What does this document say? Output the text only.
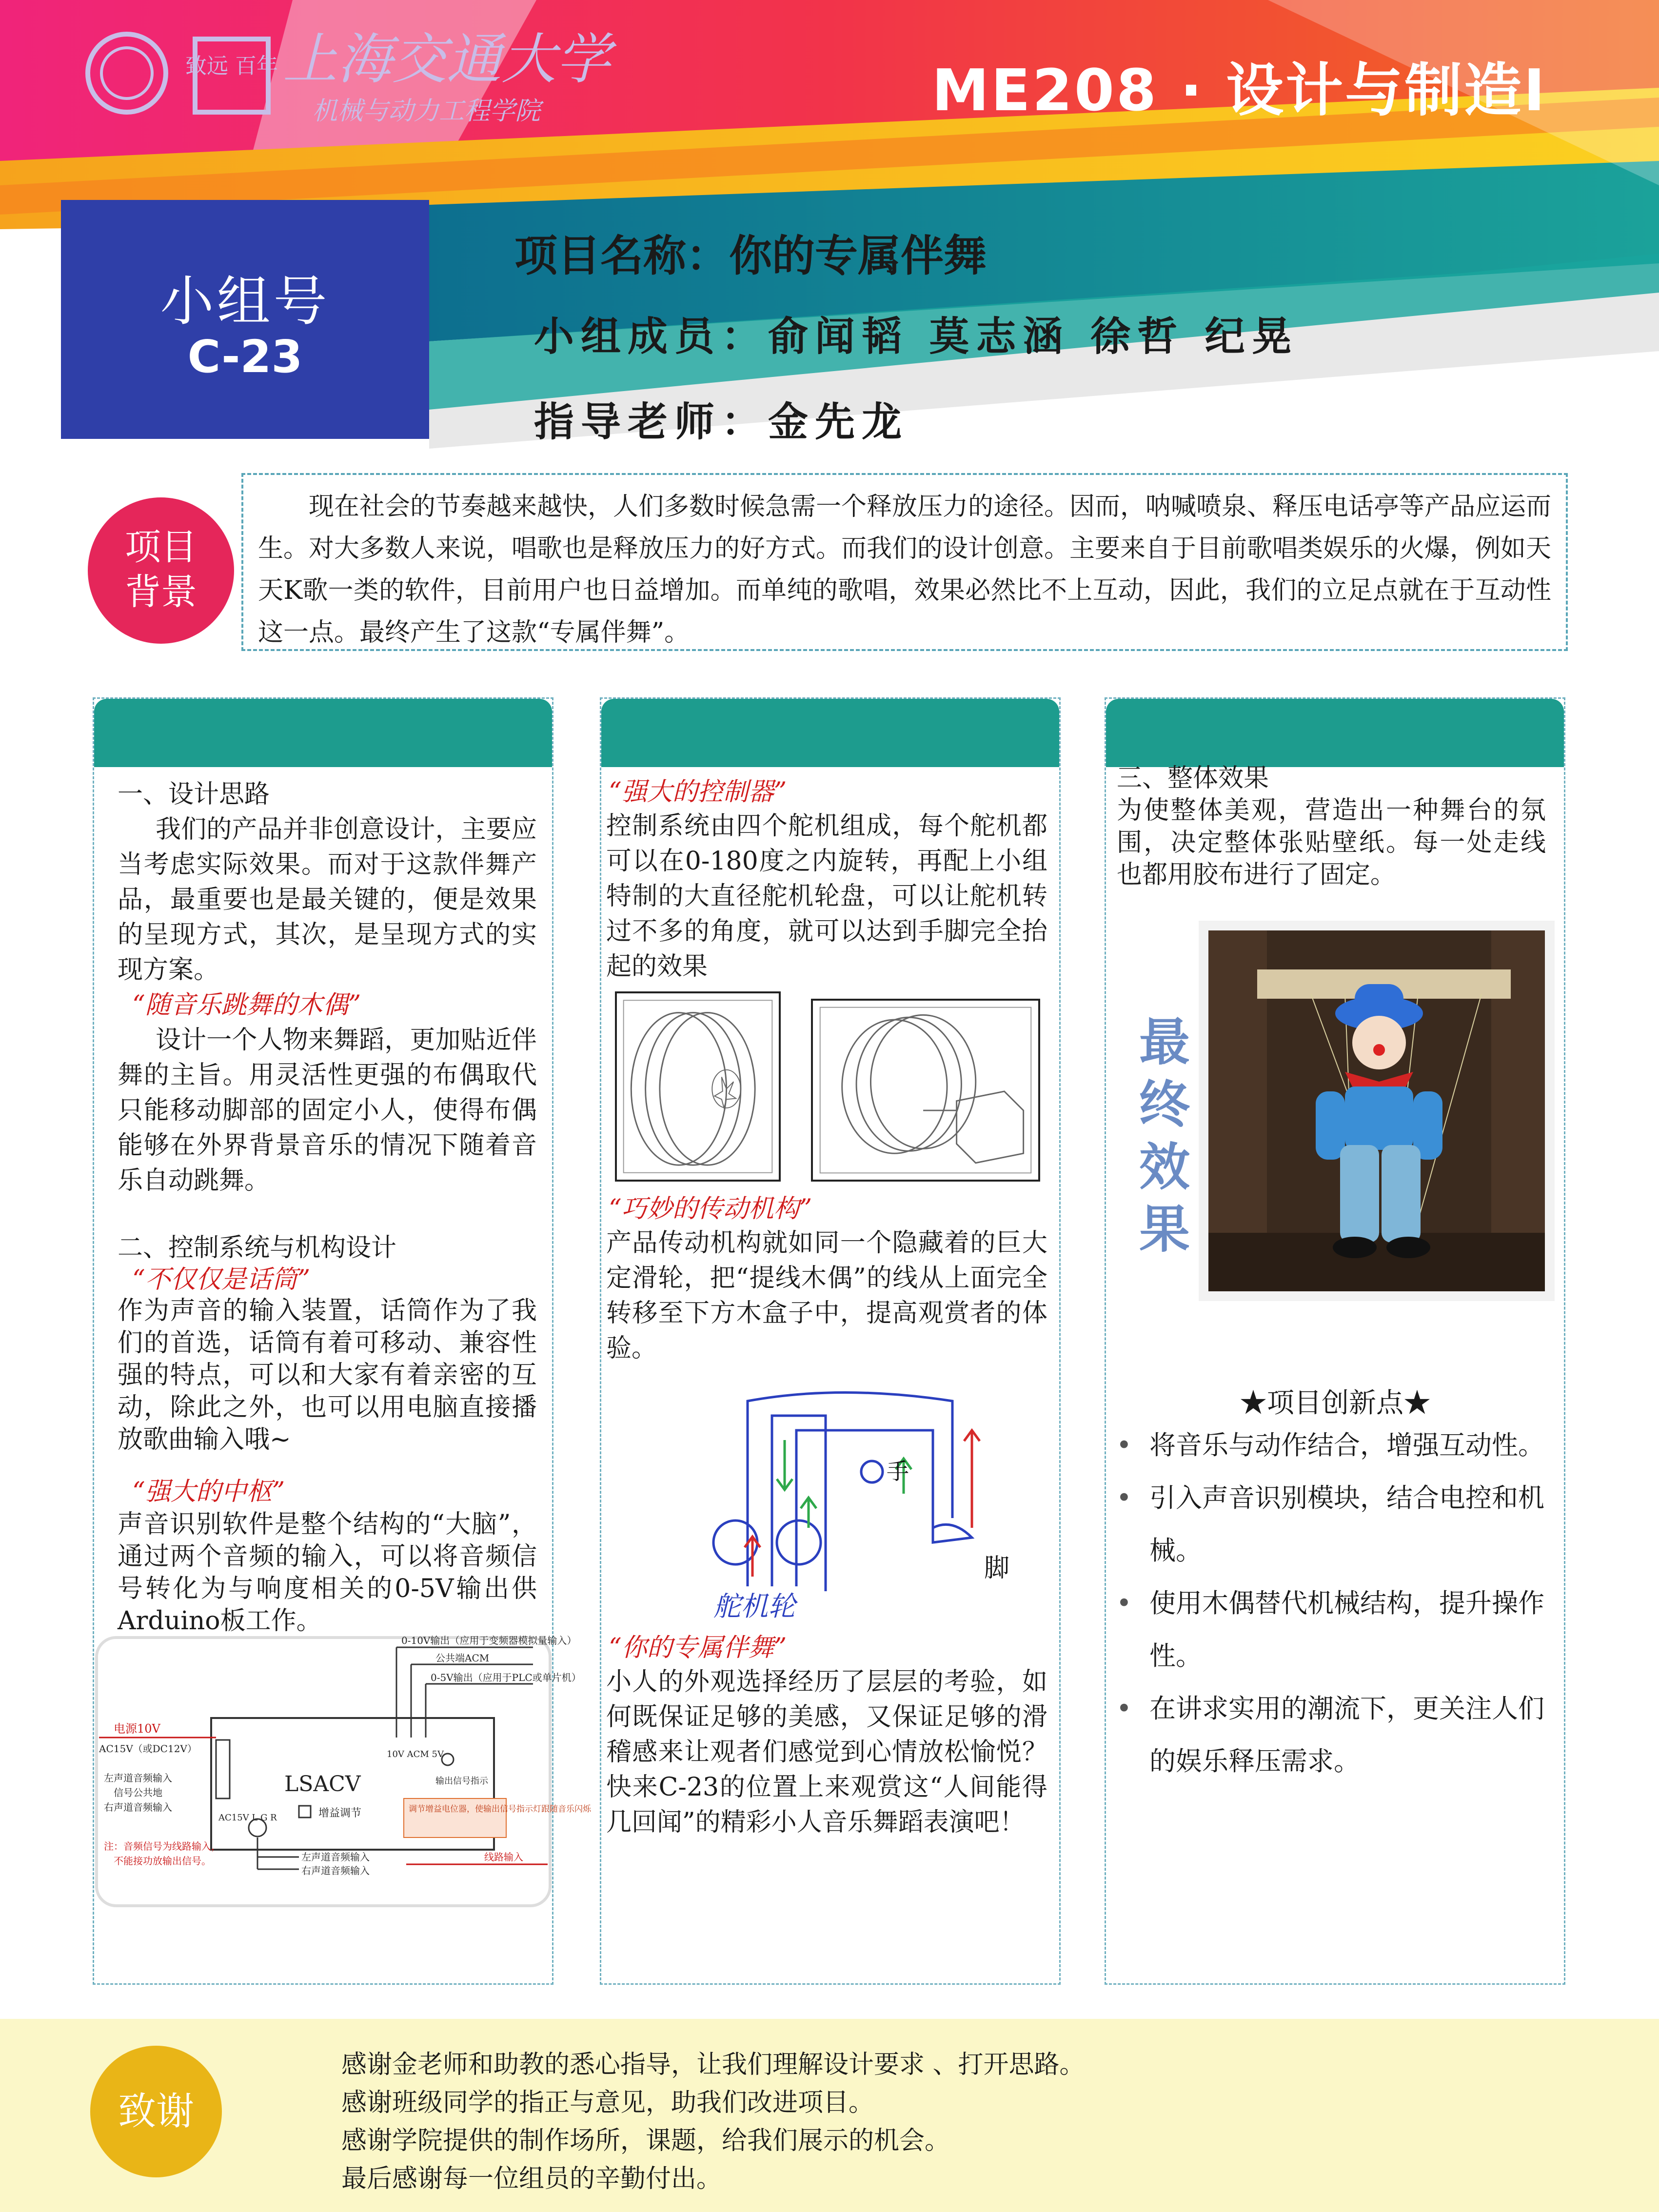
致远 百年 上海交通大学
机械与动力工程学院	ME208 · 设计与制造Ⅰ
小组号
C-23
项目名称：你的专属伴舞
小组成员：俞闻韬 莫志涵 徐哲 纪晃
指导老师：金先龙
项目
背景
现在社会的节奏越来越快，人们多数时候急需一个释放压力的途径。因而，呐喊喷泉、释压电话亭等产品应运而生。对大多数人来说，唱歌也是释放压力的好方式。而我们的设计创意。主要来自于目前歌唱类娱乐的火爆，例如天天K歌一类的软件，目前用户也日益增加。而单纯的歌唱，效果必然比不上互动，因此，我们的立足点就在于互动性这一点。最终产生了这款“专属伴舞”。
一、设计思路
我们的产品并非创意设计，主要应当考虑实际效果。而对于这款伴舞产品，最重要也是最关键的，便是效果的呈现方式，其次，是呈现方式的实现方案。
“随音乐跳舞的木偶”
设计一个人物来舞蹈，更加贴近伴舞的主旨。用灵活性更强的布偶取代只能移动脚部的固定小人，使得布偶能够在外界背景音乐的情况下随着音乐自动跳舞。
二、控制系统与机构设计
“不仅仅是话筒”
作为声音的输入装置，话筒作为了我们的首选，话筒有着可移动、兼容性强的特点，可以和大家有着亲密的互动，除此之外，也可以用电脑直接播放歌曲输入哦~
“强大的中枢”
声音识别软件是整个结构的“大脑”，通过两个音频的输入，可以将音频信号转化为与响度相关的0-5V输出供Arduino板工作。
0-10V输出（应用于变频器模拟量输入）
公共端ACM
0-5V输出（应用于PLC或单片机）
LSACV
10V ACM 5V
输出信号指示
AC15V L G R	增益调节	调节增益电位器，使输出信号指示灯跟随音乐闪烁
电源10V
AC15V（或DC12V）
左声道音频输入
信号公共地
右声道音频输入
注：音频信号为线路输入，
不能接功放输出信号。	左声道音频输入
右声道音频输入
线路输入
“强大的控制器”
控制系统由四个舵机组成，每个舵机都可以在0-180度之内旋转，再配上小组特制的大直径舵机轮盘，可以让舵机转过不多的角度，就可以达到手脚完全抬起的效果
“巧妙的传动机构”
产品传动机构就如同一个隐藏着的巨大定滑轮，把“提线木偶”的线从上面完全转移至下方木盒子中，提高观赏者的体验。
手
脚
舵机轮
“你的专属伴舞”
小人的外观选择经历了层层的考验，如何既保证足够的美感，又保证足够的滑稽感来让观者们感觉到心情放松愉悦？快来C-23的位置上来观赏这“人间能得几回闻”的精彩小人音乐舞蹈表演吧！
三、整体效果
为使整体美观，营造出一种舞台的氛围，决定整体张贴壁纸。每一处走线也都用胶布进行了固定。
最终效果
★项目创新点★
• 将音乐与动作结合，增强互动性。
• 引入声音识别模块，结合电控和机械。
• 使用木偶替代机械结构，提升操作性。
• 在讲求实用的潮流下，更关注人们的娱乐释压需求。
致谢
感谢金老师和助教的悉心指导，让我们理解设计要求 、打开思路。
感谢班级同学的指正与意见，助我们改进项目。
感谢学院提供的制作场所，课题，给我们展示的机会。
最后感谢每一位组员的辛勤付出。
